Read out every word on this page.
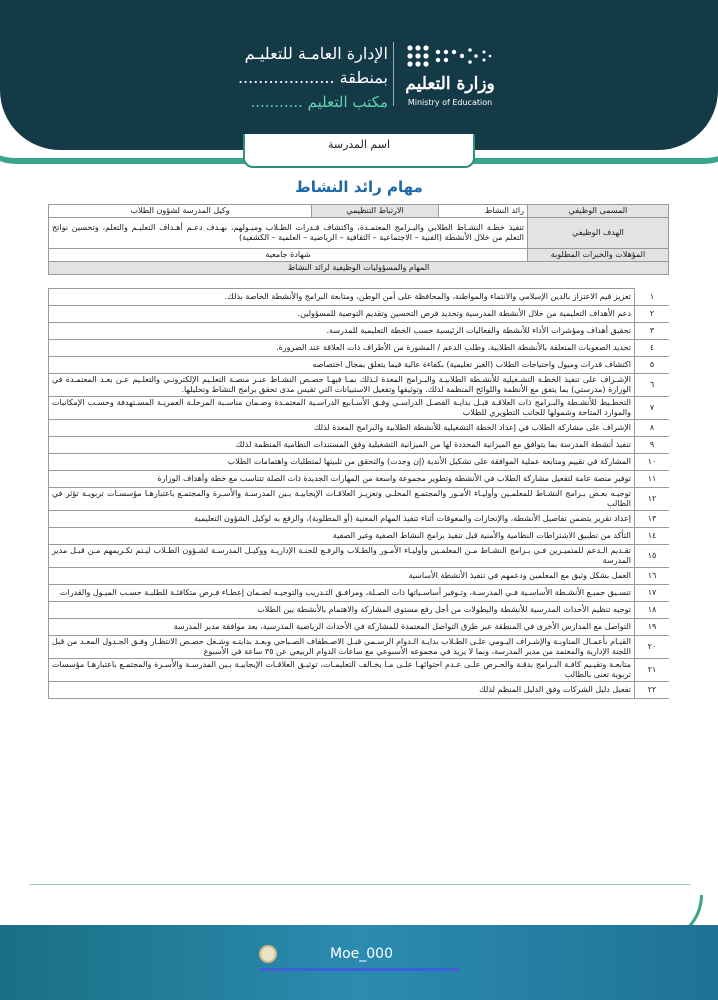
وزارة التعليم
Ministry of Education
الإدارة العامـة للتعليـم
بمنطقة ...................
مكتب التعليم ...........
اسم المدرسة
مهام رائد النشاط
المسمى الوظيفي	رائد النشاط	الارتباط التنظيمي	وكيل المدرسة لشؤون الطلاب
الهدف الوظيفي	تنفيذ خطـة النشـاط الطلابي والبـرامج المعتمـدة، واكتشاف قـدرات الطـلاب وميـولهم، بهـدف دعـم أهـداف التعليـم والتعلم، وتحسين نواتج التعلم من خلال الأنشطة (الفنية – الاجتماعية – الثقافية – الرياضية – العلمية – الكشفية)		
المؤهلات والخبرات المطلوبة	شهادة جامعية		
المهام والمسؤوليات الوظيفية لرائد النشاط			
١	تعزيز قيم الاعتزاز بالدين الإسلامي والانتماء والمواطنة، والمحافظة على أمن الوطن، ومتابعة البرامج والأنشطة الخاصة بذلك.
٢	دعم الأهداف التعليمية من خلال الأنشطة المدرسية وتحديد فرص التحسين وتقديم التوصية للمسؤولين.
٣	تحقيق أهداف ومؤشرات الأداء للأنشطة والفعاليات الرئيسية حسب الخطة التعليمية للمدرسة.
٤	تحديد الصعوبات المتعلقة بالأنشطة الطلابية، وطلب الدعم / المشورة من الأطراف ذات العلاقة عند الضرورة.
٥	اكتشاف قدرات وميول واحتياجات الطلاب (الغير تعليمية) بكفاءة عالية فيما يتعلق بمجال اختصاصه
٦	الإشـراف على تنفيذ الخطـة التشـغيلية للأنشـطة الطلابيـة والبـرامج المعدة لـذلك بمـا فيهـا حصـص النشـاط عبـر منصـة التعلـيم الإلكترونـي والتعلـيم عـن بعـد المعتمـدة في الوزارة (مدرستي) بما يتفق مع الأنظمة واللوائح المنظمة لذلك. وتوثيقها وتفعيل الاستبيانات التي تقيس مدى تحقق برامج النشاط وتحليلها.
٧	التخطـيط للأنشـطة والبـرامج ذات العلاقـة قبـل بدايـة الفصـل الدراسـي وفـق الأسـابيع الدراسـية المعتمـدة وضـمان مناسـبة المرحلـة العمريـة المسـتهدفة وحسـب الإمكانيات والموارد المتاحة وشمولها للجانب التطويري للطلاب
٨	الإشراف على مشاركة الطلاب في إعداد الخطة التشغيلية للأنشطة الطلابية والبرامج المعدة لذلك
٩	تنفيذ أنشطة المدرسة بما يتوافق مع الميزانية المحددة لها من الميزانية التشغيلية وفق المستندات النظامية المنظمة لذلك
١٠	المشاركة في تقييم ومتابعة عملية الموافقة على تشكيل الأندية (إن وجدت) والتحقق من تلبيتها لمتطلبات واهتمامات الطلاب
١١	توفير منصة عامة لتفعيل مشاركة الطلاب في الأنشطة وتطوير مجموعة واسعة من المهارات الجديدة ذات الصلة تتناسب مع خطة وأهداف الوزارة
١٢	توجيـه بعـض بـرامج النشـاط للمعلمـين وأوليـاء الأمـور والمجتمـع المحلـي وتعزيـز العلاقـات الإيجابيـة بـين المدرسـة والأسـرة والمجتمـع باعتبارهـا مؤسسـات تربويـة تؤثر في الطالب
١٣	إعداد تقرير يتضمن تفاصيل الأنشطة، والإنجازات والمعوقات أثناء تنفيذ المهام المعنية (أو المطلوبة)، والرفع به لوكيل الشؤون التعليمية
١٤	التأكد من تطبيق الاشتراطات النظامية والأمنية قبل تنفيذ برامج النشاط الصفية وغير الصفية
١٥	تقـديم الـدعم للمتميـزين فـي بـرامج النشـاط مـن المعلمـين وأوليـاء الأمـور والطـلاب والرفـع للجنـة الإداريـة ووكيـل المدرسـة لشـؤون الطـلاب ليـتم تكـريمهم مـن قبـل مدير المدرسة
١٦	العمل بشكل وثيق مع المعلمين ودعمهم في تنفيذ الأنشطة الأساسية
١٧	تنسـيق جميـع الأنشـطة الأساسـية فـي المدرسـة، وتـوفير أساسـياتها ذات الصـلة، ومرافـق التـدريب والتوجيـه لضـمان إعطـاء فـرص متكافئـة للطلبـة حسـب الميـول والقدرات
١٨	توجيه تنظيم الأحداث المدرسية للأنشطة والبطولات من أجل رفع مستوى المشاركة والاهتمام بالأنشطة بين الطلاب
١٩	التواصل مع المدارس الأخرى في المنطقة عبر طرق التواصل المعتمدة للمشاركة في الأحداث الرياضية المدرسية، بعد موافقة مدير المدرسة
٢٠	القيـام بأعمـال المناوبـة والإشـراف اليـومي علـى الطـلاب بدايـة الـدوام الرسـمي قبـل الاصـطفاف الصـباحي وبعـد بدايتـه وشـغل حصـص الانتظـار وفـق الجـدول المعـد من قبل اللجنة الإدارية والمعتمد من مدير المدرسة، وبما لا يزيد في مجموعه الأسبوعي مع ساعات الدوام الربيعي عن ٣٥ ساعة في الأسبوع
٢١	متابعـة وتقيـيم كافـة البـرامج بدقـة والحـرص علـى عـدم احتوائهـا علـى مـا يخـالف التعليمـات، توثيـق العلاقـات الإيجابيـة بـين المدرسـة والأسـرة والمجتمـع باعتبارهـا مؤسسات تربوية تعنى بالطالب
٢٢	تفعيل دليل الشركات وفق الدليل المنظم لذلك
Moe_000
